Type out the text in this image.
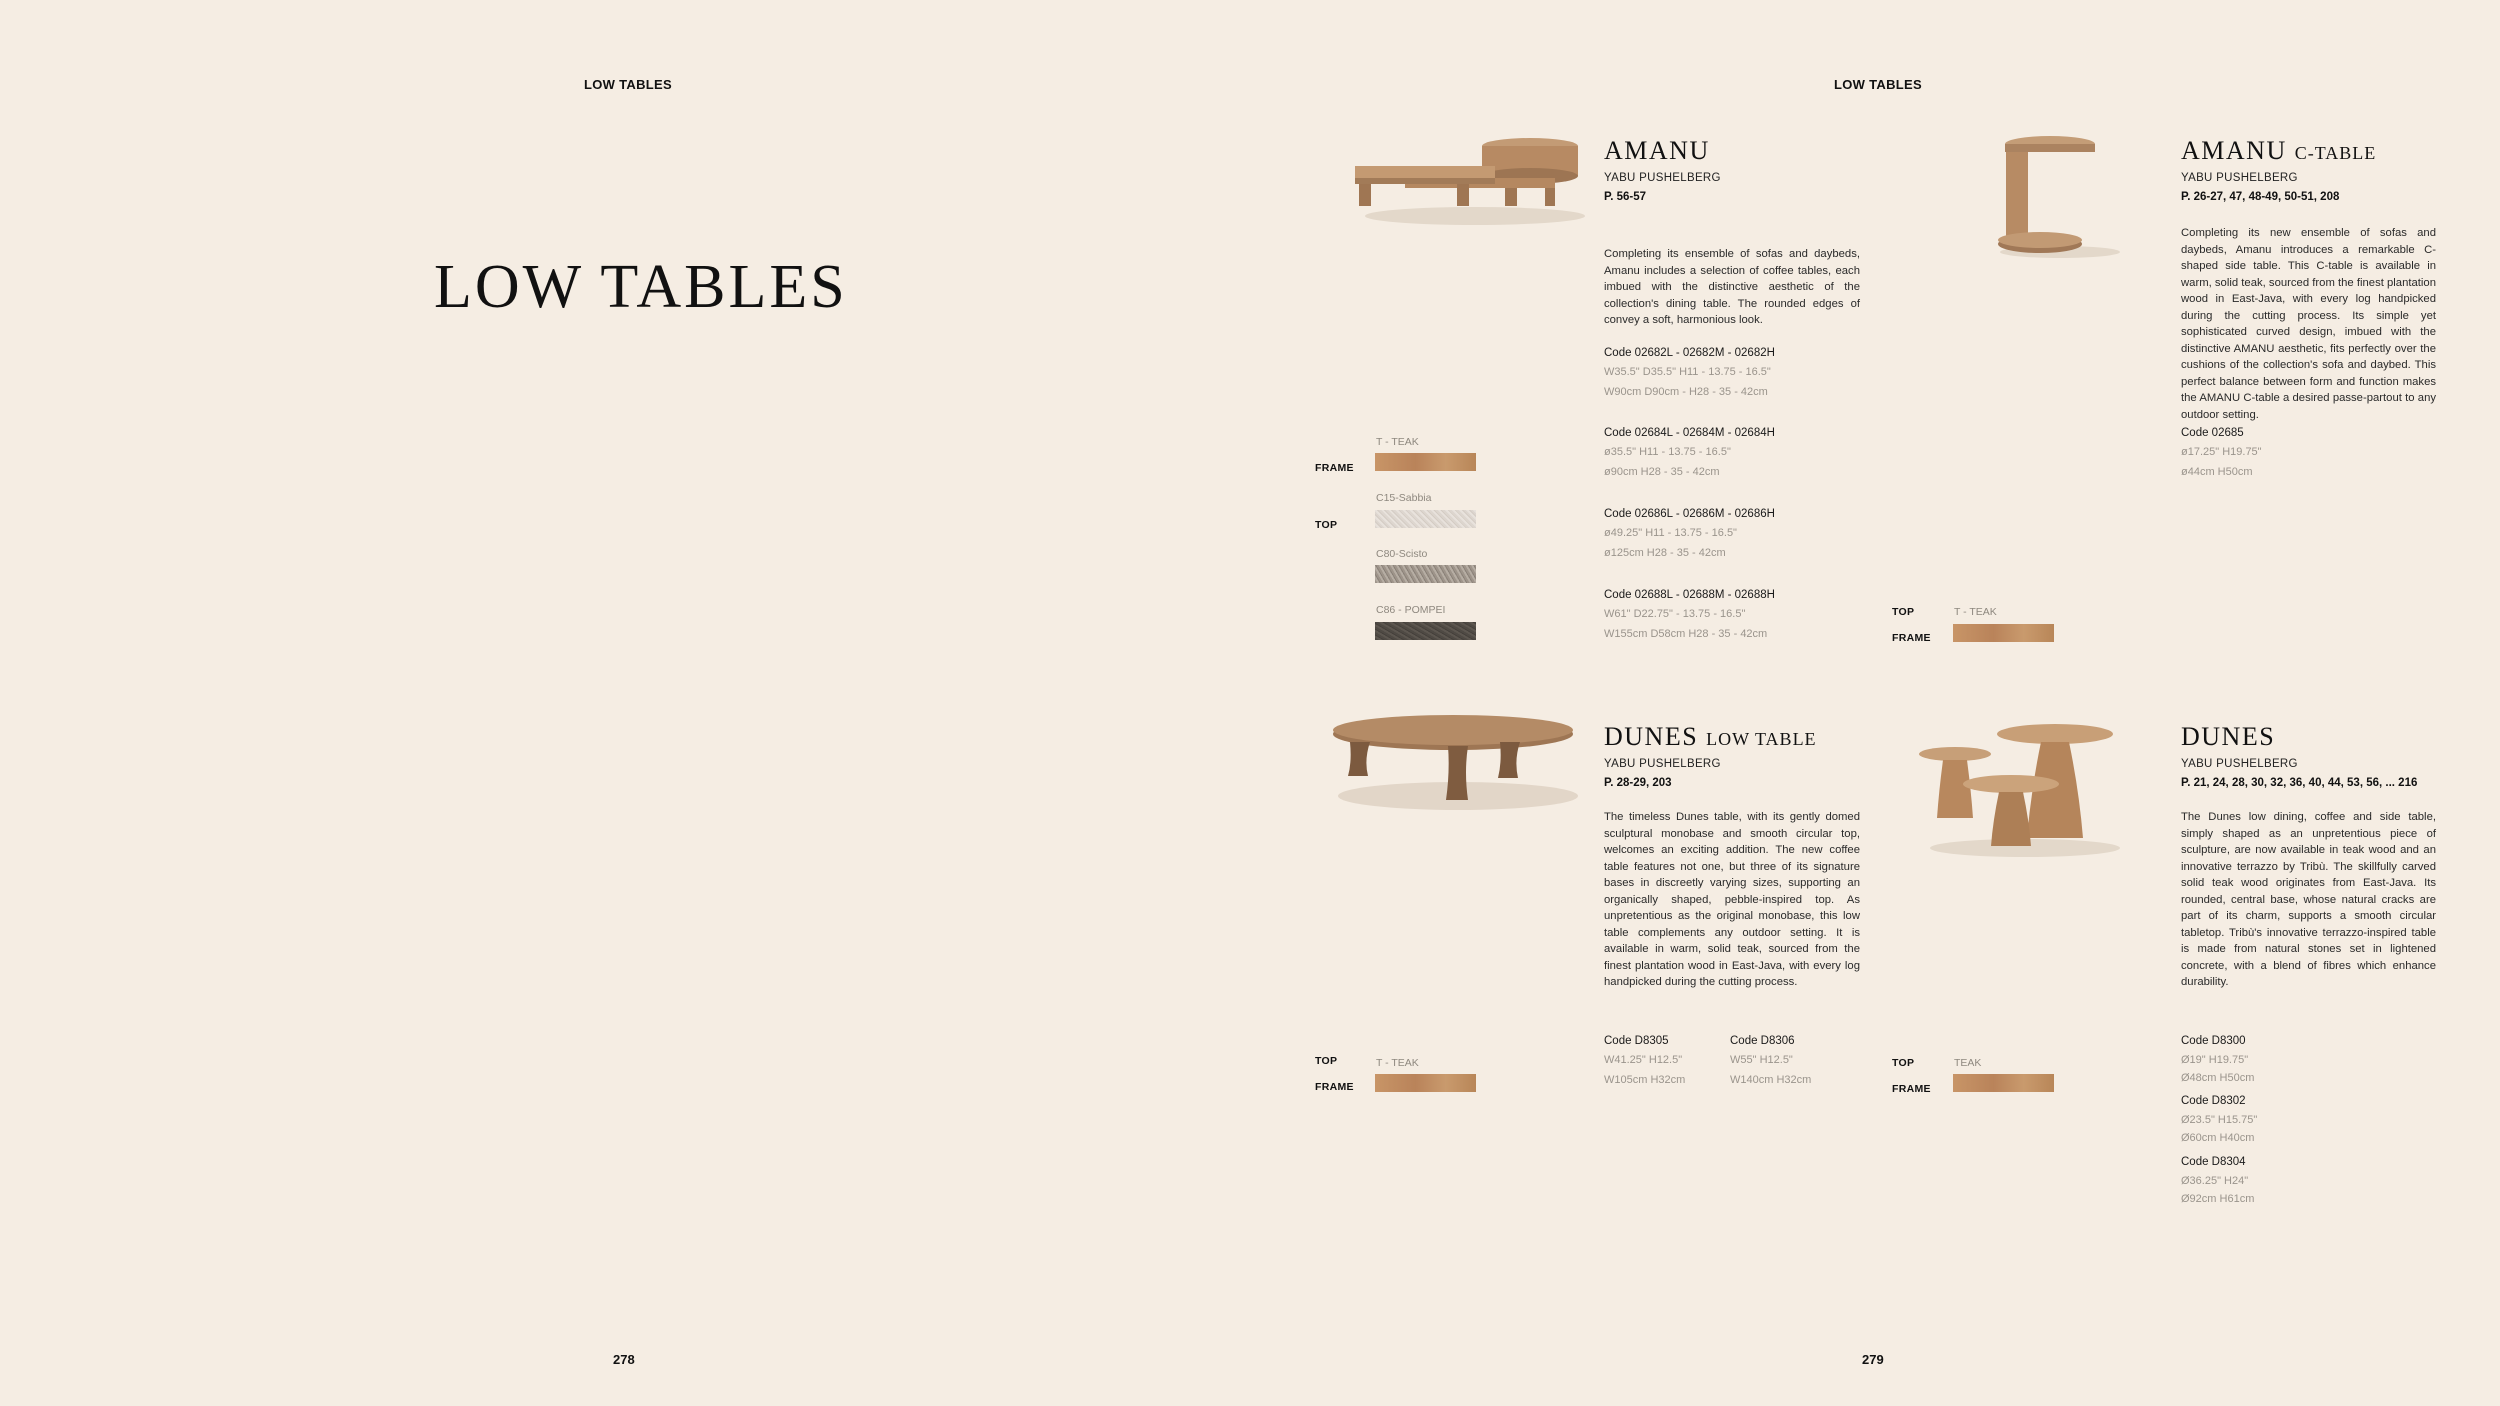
LOW TABLES
LOW TABLES
278
LOW TABLES
279
AMANU
YABU PUSHELBERG
P. 56-57

Completing its ensemble of sofas and daybeds, Amanu includes a selection of coffee tables, each imbued with the distinctive aesthetic of the collection's dining table. The rounded edges of convey a soft, harmonious look.

Code 02682L - 02682M - 02682H
W35.5" D35.5" H11 - 13.75 - 16.5"
W90cm D90cm - H28 - 35 - 42cm
Code 02684L - 02684M - 02684H
ø35.5" H11 - 13.75 - 16.5"
ø90cm H28 - 35 - 42cm
Code 02686L - 02686M - 02686H
ø49.25" H11 - 13.75 - 16.5"
ø125cm H28 - 35 - 42cm
Code 02688L - 02688M - 02688H
W61" D22.75" - 13.75 - 16.5"
W155cm D58cm H28 - 35 - 42cm
FRAME
TOP
T - TEAK
C15-Sabbia
C80-Scisto
C86 - POMPEI
AMANU C-TABLE
YABU PUSHELBERG
P. 26-27, 47, 48-49, 50-51, 208

Completing its new ensemble of sofas and daybeds, Amanu introduces a remarkable C-shaped side table. This C-table is available in warm, solid teak, sourced from the finest plantation wood in East-Java, with every log handpicked during the cutting process. Its simple yet sophisticated curved design, imbued with the distinctive AMANU aesthetic, fits perfectly over the cushions of the collection's sofa and daybed. This perfect balance between form and function makes the AMANU C-table a desired passe-partout to any outdoor setting.

Code 02685
ø17.25" H19.75"
ø44cm H50cm
TOP
FRAME
T - TEAK
DUNES LOW TABLE
YABU PUSHELBERG
P. 28-29, 203

The timeless Dunes table, with its gently domed sculptural monobase and smooth circular top, welcomes an exciting addition. The new coffee table features not one, but three of its signature bases in discreetly varying sizes, supporting an organically shaped, pebble-inspired top. As unpretentious as the original monobase, this low table complements any outdoor setting. It is available in warm, solid teak, sourced from the finest plantation wood in East-Java, with every log handpicked during the cutting process.

Code D8305
W41.25" H12.5"
W105cm H32cm
Code D8306
W55" H12.5"
W140cm H32cm
TOP
FRAME
T - TEAK
DUNES
YABU PUSHELBERG
P. 21, 24, 28, 30, 32, 36, 40, 44, 53, 56, ... 216

The Dunes low dining, coffee and side table, simply shaped as an unpretentious piece of sculpture, are now available in teak wood and an innovative terrazzo by Tribù. The skillfully carved solid teak wood originates from East-Java. Its rounded, central base, whose natural cracks are part of its charm, supports a smooth circular tabletop. Tribù's innovative terrazzo-inspired table is made from natural stones set in lightened concrete, with a blend of fibres which enhance durability.

Code D8300
Ø19" H19.75"
Ø48cm H50cm
Code D8302
Ø23.5" H15.75"
Ø60cm H40cm
Code D8304
Ø36.25" H24"
Ø92cm H61cm
TOP
FRAME
TEAK
